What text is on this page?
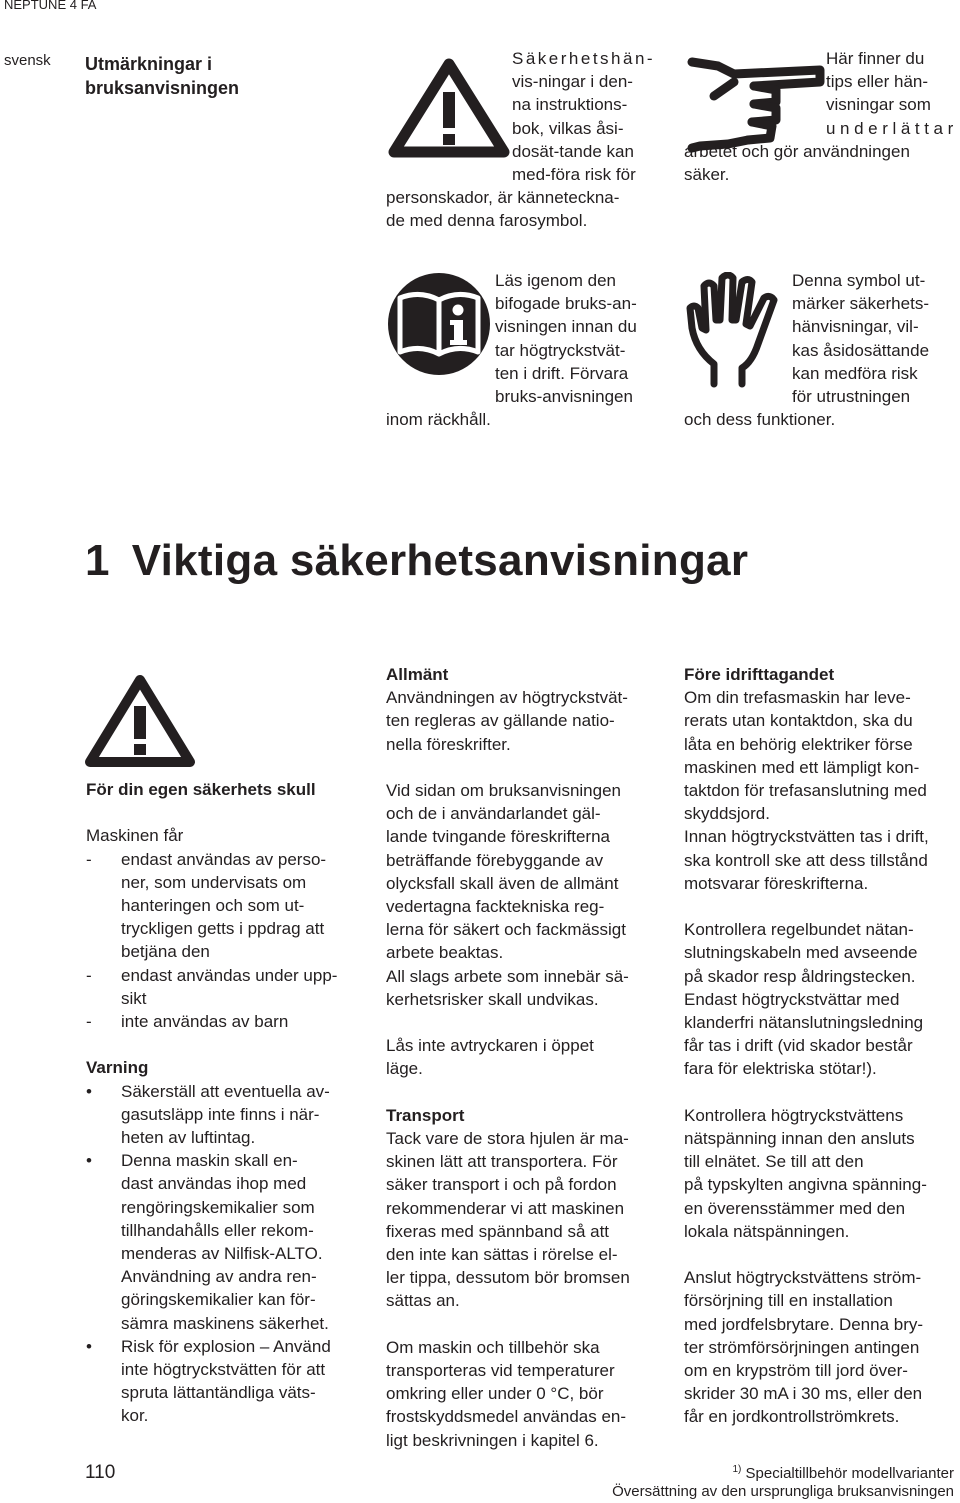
NEPTUNE 4 FA
svensk Utmärkningar i
bruksanvisningen
Säkerhetshän-
vis-ningar i den-
na instruktions-
bok, vilkas åsi-
dosät-tande kan
med-föra risk för
personskador, är kännetecknа-
de med denna farosymbol.
Här finner du
tips eller hän-
visningar som
underlättar
arbetet och gör användningen
säker.
Läs igenom den
bifogade bruks-an-
visningen innan du
tar högtryckstvät-
ten i drift. Förvara
bruks-anvisningen
inom räckhåll.
Denna symbol ut-
märker säkerhets-
hänvisningar, vil-
kas åsidosättande
kan medföra risk
för utrustningen
och dess funktioner.
1 Viktiga säkerhetsanvisningar
För din egen säkerhets skull
Maskinen får
- endast användas av perso-
ner, som undervisats om
hanteringen och som ut-
tryckligen getts i ppdrag att
betjäna den
- endast användas under upp-
sikt
- inte användas av barn
Varning
• Säkerställ att eventuella av-
gasutsläpp inte finns i när-
heten av luftintag.
• Denna maskin skall en-
dast användas ihop med
rengöringskemikalier som
tillhandahålls eller rekom-
menderas av Nilfisk-ALTO.
Användning av andra ren-
göringskemikalier kan för-
sämra maskinens säkerhet.
• Risk för explosion – Använd
inte högtryckstvätten för att
spruta lättantändliga väts-
kor.
Allmänt
Användningen av högtryckstvät-
ten regleras av gällande natio-
nella föreskrifter.
Vid sidan om bruksanvisningen
och de i användarlandet gäl-
lande tvingande föreskrifterna
beträffande förebyggande av
olycksfall skall även de allmänt
vedertagna facktekniska reg-
lerna för säkert och fackmässigt
arbete beaktas.
All slags arbete som innebär sä-
kerhetsrisker skall undvikas.
Lås inte avtryckaren i öppet
läge.
Transport
Tack vare de stora hjulen är ma-
skinen lätt att transportera. För
säker transport i och på fordon
rekommenderar vi att maskinen
fixeras med spännband så att
den inte kan sättas i rörelse el-
ler tippa, dessutom bör bromsen
sättas an.
Om maskin och tillbehör ska
transporteras vid temperaturer
omkring eller under 0 °C, bör
frostskyddsmedel användas en-
ligt beskrivningen i kapitel 6.
Före idrifttagandet
Om din trefasmaskin har leve-
rerats utan kontaktdon, ska du
låta en behörig elektriker förse
maskinen med ett lämpligt kon-
taktdon för trefasanslutning med
skyddsjord.
Innan högtryckstvätten tas i drift,
ska kontroll ske att dess tillstånd
motsvarar föreskrifterna.
Kontrollera regelbundet nätan-
slutningskabeln med avseende
på skador resp åldringstecken.
Endast högtryckstvättar med
klanderfri nätanslutningsledning
får tas i drift (vid skador består
fara för elektriska stötar!).
Kontrollera högtryckstvättens
nätspänning innan den ansluts
till elnätet. Se till att den
på typskylten angivna spänning-
en överensstämmer med den
lokala nätspänningen.
Anslut högtryckstvättens ström-
försörjning till en installation
med jordfelsbrytare. Denna bry-
ter strömförsörjningen antingen
om en krypström till jord över-
skrider 30 mA i 30 ms, eller den
får en jordkontrollströmkrets.
110	$^{1)}$ Specialtillbehör modellvarianter
Översättning av den ursprungliga bruksanvisningen
